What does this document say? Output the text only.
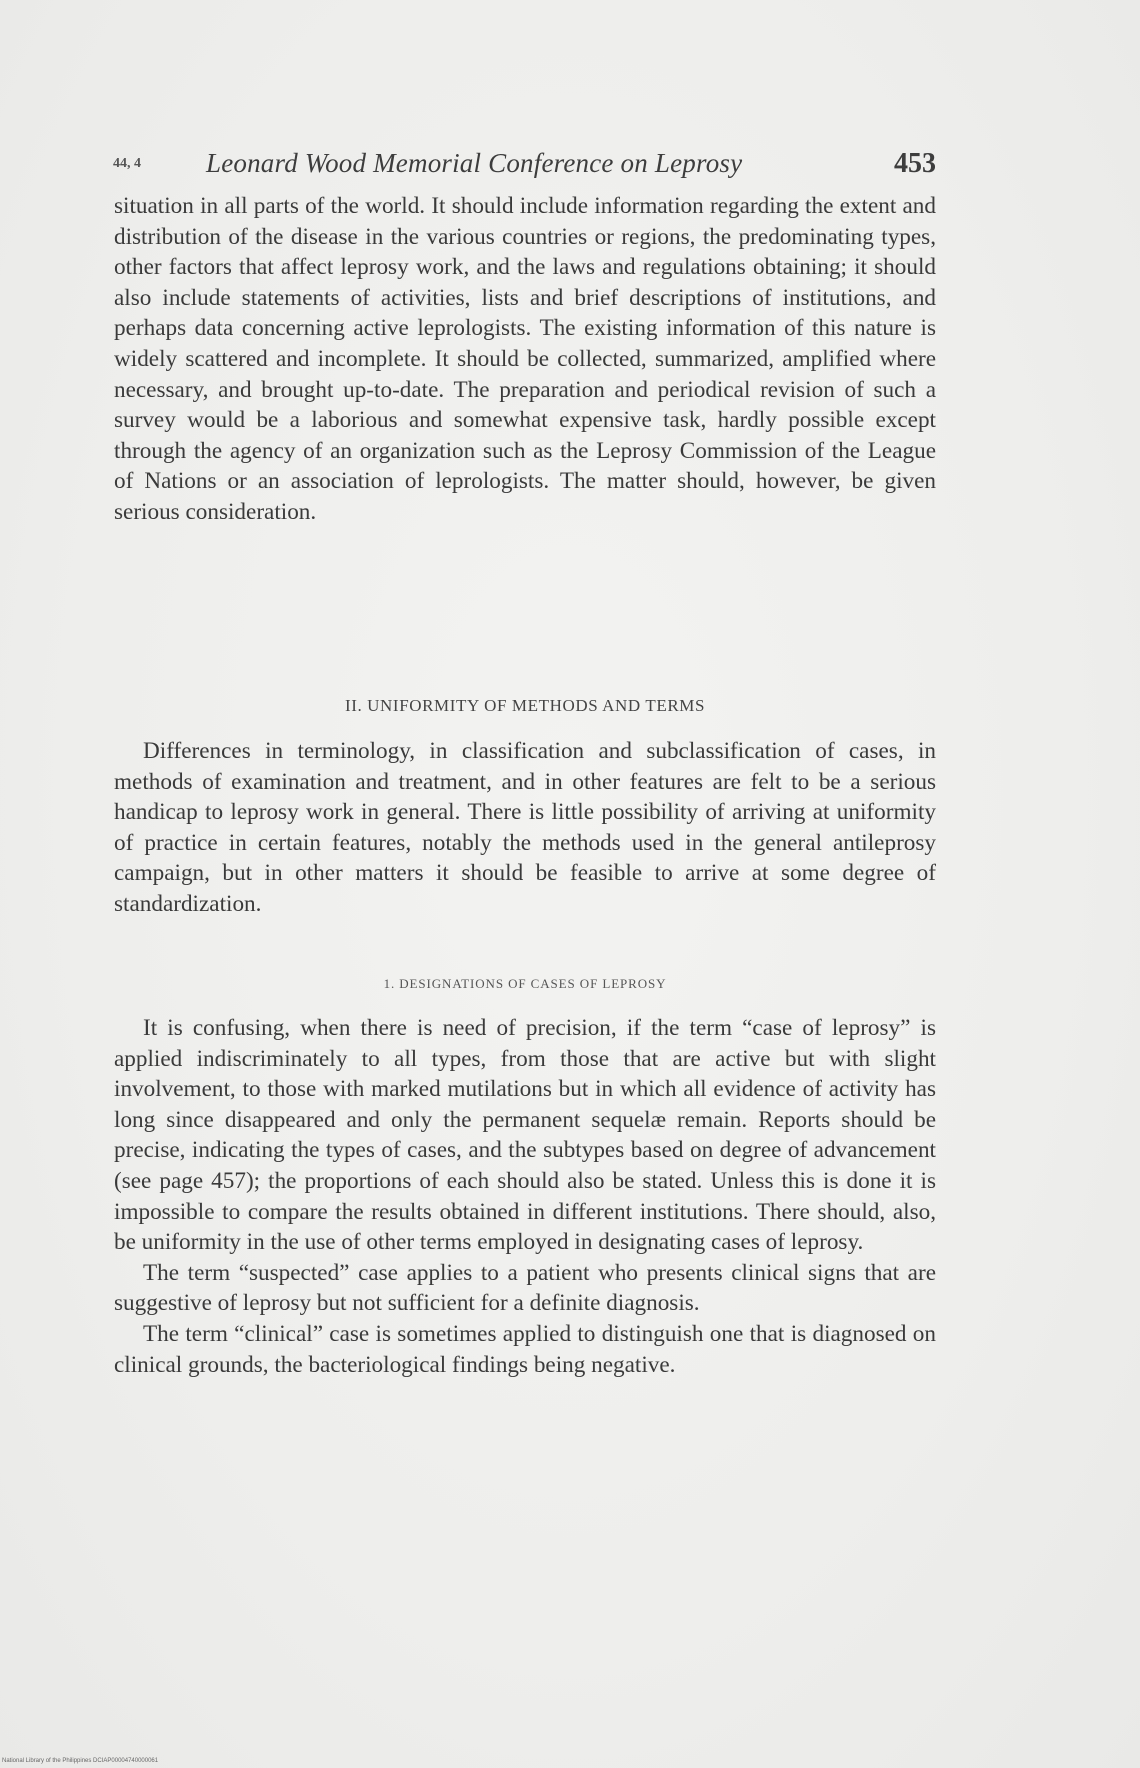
44, 4 Leonard Wood Memorial Conference on Leprosy	453

situation in all parts of the world. It should include information regarding the extent and distribution of the disease in the various countries or regions, the predominating types, other factors that affect leprosy work, and the laws and regulations obtaining; it should also include statements of activities, lists and brief descriptions of institutions, and perhaps data concerning active leprologists. The existing information of this nature is widely scattered and incomplete. It should be collected, summarized, amplified where necessary, and brought up-to-date. The preparation and periodical revision of such a survey would be a laborious and somewhat expensive task, hardly possible except through the agency of an organization such as the Leprosy Commission of the League of Nations or an association of leprologists. The matter should, however, be given serious consideration.

II. UNIFORMITY OF METHODS AND TERMS

Differences in terminology, in classification and subclassification of cases, in methods of examination and treatment, and in other features are felt to be a serious handicap to leprosy work in general. There is little possibility of arriving at uniformity of practice in certain features, notably the methods used in the general antileprosy campaign, but in other matters it should be feasible to arrive at some degree of standardization.

1. DESIGNATIONS OF CASES OF LEPROSY

It is confusing, when there is need of precision, if the term “case of leprosy” is applied indiscriminately to all types, from those that are active but with slight involvement, to those with marked mutilations but in which all evidence of activity has long since disappeared and only the permanent sequelæ remain. Reports should be precise, indicating the types of cases, and the subtypes based on degree of advancement (see page 457); the proportions of each should also be stated. Unless this is done it is impossible to compare the results obtained in different institutions. There should, also, be uniformity in the use of other terms employed in designating cases of leprosy.

The term “suspected” case applies to a patient who presents clinical signs that are suggestive of leprosy but not sufficient for a definite diagnosis.

The term “clinical” case is sometimes applied to distinguish one that is diagnosed on clinical grounds, the bacteriological findings being negative.

National Library of the Philippines DCIAP00004740000061
